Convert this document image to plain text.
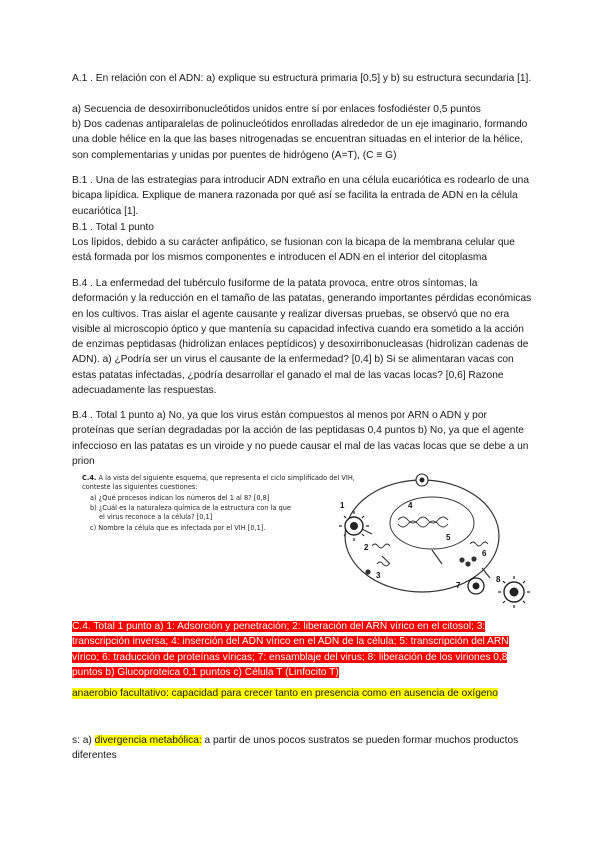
A.1 . En relación con el ADN: a) explique su estructura primaria [0,5] y b) su estructura secundaria [1].

a) Secuencia de desoxirribonucleótidos unidos entre sí por enlaces fosfodiéster 0,5 puntos

b) Dos cadenas antiparalelas de polinucleótidos enrolladas alrededor de un eje imaginario, formando una doble hélice en la que las bases nitrogenadas se encuentran situadas en el interior de la hélice, son complementarias y unidas por puentes de hidrógeno (A=T), (C ≡ G)

B.1 . Una de las estrategias para introducir ADN extraño en una célula eucariótica es rodearlo de una bicapa lipídica. Explique de manera razonada por qué así se facilita la entrada de ADN en la célula eucariótica [1].

B.1 . Total 1 punto

Los lípidos, debido a su carácter anfipático, se fusionan con la bicapa de la membrana celular que está formada por los mismos componentes e introducen el ADN en el interior del citoplasma

B.4 . La enfermedad del tubérculo fusiforme de la patata provoca, entre otros síntomas, la deformación y la reducción en el tamaño de las patatas, generando importantes pérdidas económicas en los cultivos. Tras aislar el agente causante y realizar diversas pruebas, se observó que no era visible al microscopio óptico y que mantenía su capacidad infectiva cuando era sometido a la acción de enzimas peptidasas (hidrolizan enlaces peptídicos) y desoxirribonucleasas (hidrolizan cadenas de ADN). a) ¿Podría ser un virus el causante de la enfermedad? [0,4] b) Si se alimentaran vacas con estas patatas infectadas, ¿podría desarrollar el ganado el mal de las vacas locas? [0,6] Razone adecuadamente las respuestas.

B.4 . Total 1 punto a) No, ya que los virus están compuestos al menos por ARN o ADN y por proteínas que serían degradadas por la acción de las peptidasas 0,4 puntos b) No, ya que el agente infeccioso en las patatas es un viroide y no puede causar el mal de las vacas locas que se debe a un prion

C.4. A la vista del siguiente esquema, que representa el ciclo simplificado del VIH, conteste las siguientes cuestiones:
a) ¿Qué procesos indican los números del 1 al 8? [0,8]
b) ¿Cuál es la naturaleza química de la estructura con la que
el virus reconoce a la célula? [0,1]
c) Nombre la célula que es infectada por el VIH [0,1].
1
2
3
4
5
6
7
8

C.4. Total 1 punto a) 1: Adsorción y penetración; 2: liberación del ARN vírico en el citosol; 3: transcripción inversa; 4: inserción del ADN vírico en el ADN de la célula; 5: transcripción del ARN vírico; 6: traducción de proteínas víricas; 7: ensamblaje del virus; 8: liberación de los viriones 0,8 puntos b) Glucoproteica 0,1 puntos c) Célula T (Linfocito T)

anaerobio facultativo: capacidad para crecer tanto en presencia como en ausencia de oxígeno

s: a) divergencia metabólica: a partir de unos pocos sustratos se pueden formar muchos productos diferentes
